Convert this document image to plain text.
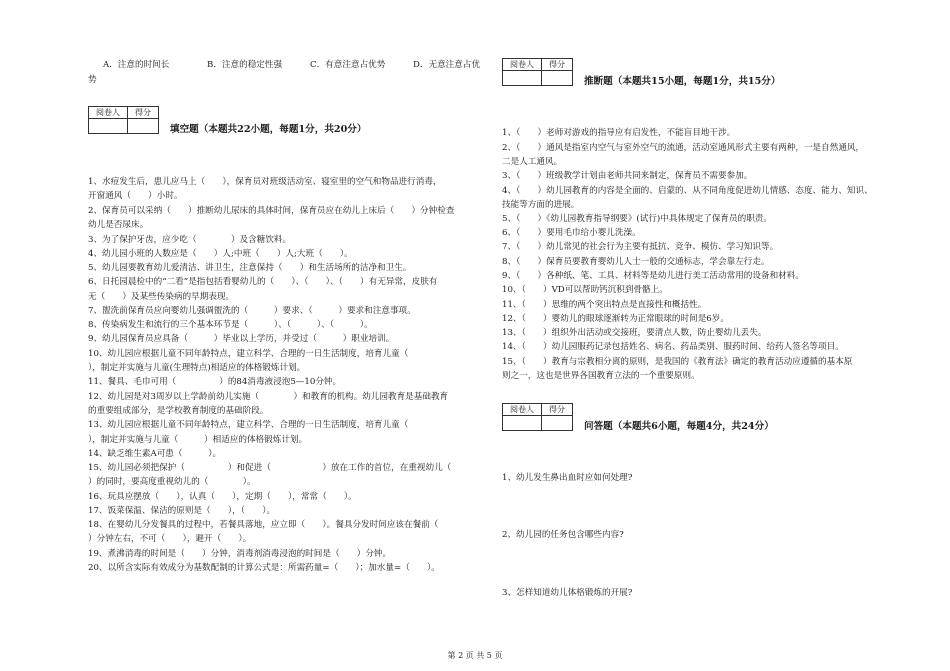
A．注意的时间长	B．注意的稳定性强	C．有意注意占优势	D．无意注意占优
势
阅卷人	得分

填空题（本题共22小题，每题1分，共20分）
1、水痘发生后，患儿应马上（　　），保育员对班级活动室、寝室里的空气和物品进行消毒，
开窗通风（　　）小时。
2、保育员可以采纳（　　）推断幼儿尿床的具体时间，保育员应在幼儿上床后（　　）分钟检查
幼儿是否尿床。
3、为了保护牙齿，应少吃（　　　　）及含糖饮料。
4、幼儿园小班的人数应是（　　）人;中班（　　）人;大班（　　）。
5、幼儿园要教育幼儿爱清洁、讲卫生，注意保持（　　）和生活场所的洁净和卫生。
6、日托园晨检中的“二看”是指包括看婴幼儿的（　　）、（　　）、（　　）有无异常，皮肤有
无（　　）及某些传染病的早期表现。
7、盥洗前保育员应向婴幼儿强调盥洗的（　　　）要求、（　　　）要求和注意事项。
8、传染病发生和流行的三个基本环节是（　　　）、（　　　）、（　　　）。
9、幼儿园保育员应具备（　　　）毕业以上学历，并受过（　　　）职业培训。
10、幼儿园应根据儿童不同年龄特点，建立科学、合理的一日生活制度，培育儿童（　　
），制定并实施与儿童(生理特点)相适应的体格锻炼计划。
11、餐具、毛巾可用（　　　　　）的84消毒液浸泡5—10分钟。
12、幼儿园是对3周岁以上学龄前幼儿实施（　　　　）和教育的机构。幼儿园教育是基础教育
的重要组成部分，是学校教育制度的基础阶段。
13、幼儿园应根据儿童不同年龄特点，建立科学、合理的一日生活制度，培育儿童（
），制定并实施与儿童（　　　）相适应的体格锻炼计划。
14、缺乏维生素A可患（　　　）。
15、幼儿园必须把保护（　　　　　）和促进（　　　　　　）放在工作的首位，在重视幼儿（
）的同时，要高度重视幼儿的（　　　　）。
16、玩具应摆放（　　），认真（　　），定期（　　），常常（　　）。
17、饭菜保温、保洁的原则是（　　），（　　）。
18、在婴幼儿分发餐具的过程中，若餐具落地，应立即（　　）。餐具分发时间应该在餐前（
）分钟左右，不可（　　），避开（　　）。
19、煮沸消毒的时间是（　　）分钟，消毒剂消毒浸泡的时间是（　　）分钟。
20、以所含实际有效成分为基数配制的计算公式是：所需药量=（　　）；加水量=（　　）。
阅卷人	得分

推断题（本题共15小题，每题1分，共15分）
1、（　　）老师对游戏的指导应有启发性，不能盲目地干涉。
2、（　　）通风是指室内空气与室外空气的流通，活动室通风形式主要有两种，一是自然通风，
二是人工通风。
3、（　　）班级教学计划由老师共同来制定，保育员不需要参加。
4、（　　）幼儿园教育的内容是全面的、启蒙的、从不同角度促进幼儿情感、态度、能力、知识、
技能等方面的进展。
5、（　　）《幼儿园教育指导纲要》(试行)中具体规定了保育员的职责。
6、（　　）要用毛巾给小婴儿洗澡。
7、（　　）幼儿常见的社会行为主要有抵抗、竞争、模仿、学习知识等。
8、（　　）保育员要教育婴幼儿人士一般的交通标志，学会靠左行走。
9、（　　）各种纸、笔、工具、材料等是幼儿进行美工活动常用的设备和材料。
10、（　　）VD可以帮助钙沉积到骨骼上。
11、（　　）思维的两个突出特点是直接性和概括性。
12、（　　）婴幼儿的眼球逐渐转为正常眼球的时间是6岁。
13、（　　）组织外出活动或交接班，要清点人数，防止婴幼儿丢失。
14、（　　）幼儿园服药记录包括姓名、病名、药品类别、服药时间、给药人签名等项目。
15、（　　）教育与宗教相分离的原则，是我国的《教育法》确定的教育活动应遵循的基本原
则之一，这也是世界各国教育立法的一个重要原则。
阅卷人	得分

问答题（本题共6小题，每题4分，共24分）
1、幼儿发生鼻出血时应如何处理?
2、幼儿园的任务包含哪些内容?
3、怎样知道幼儿体格锻炼的开展?
第 2 页 共 5 页
